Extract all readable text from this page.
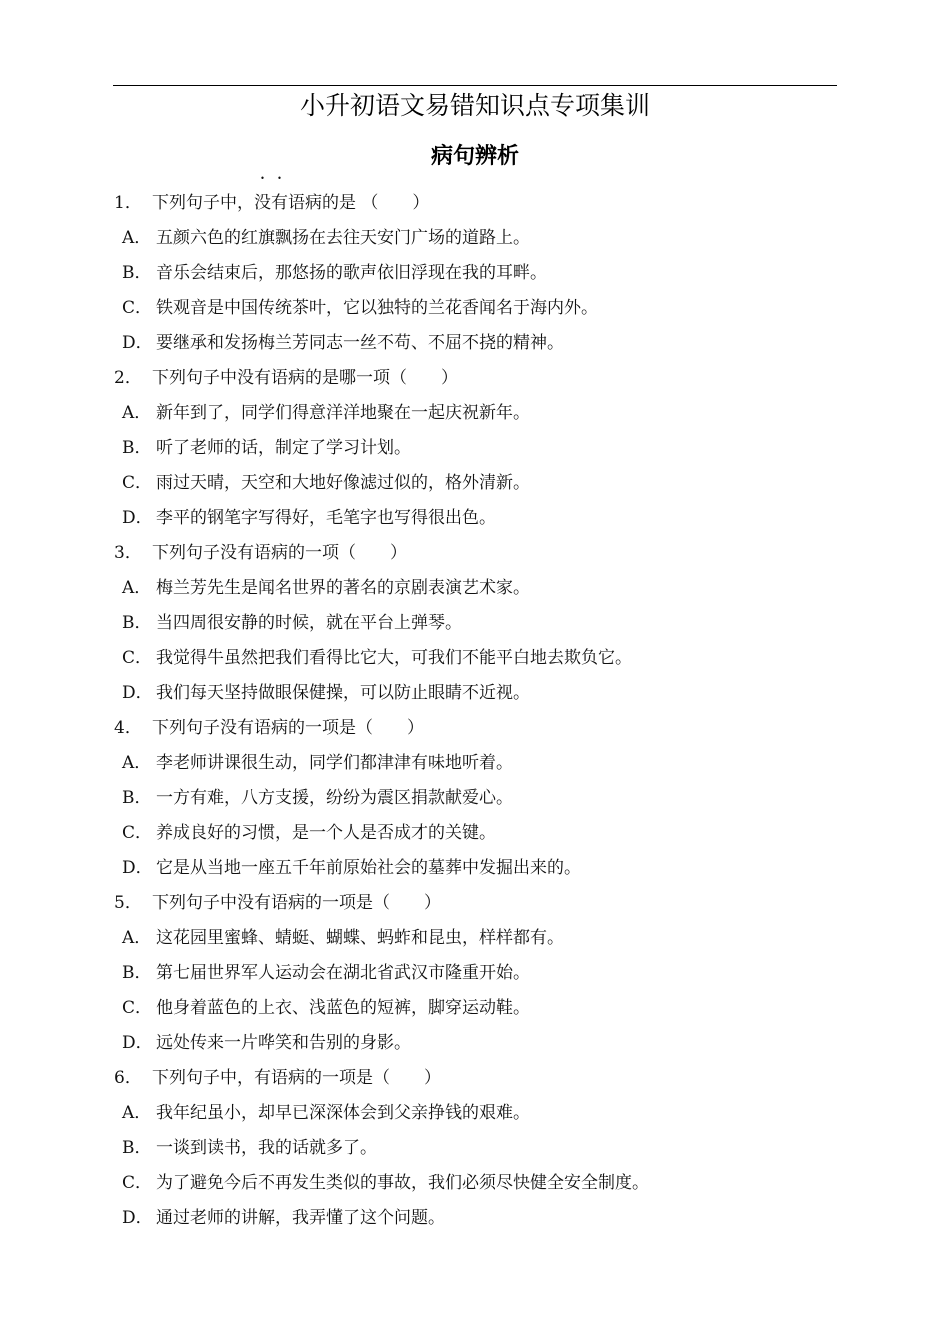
小升初语文易错知识点专项集训
病句辨析
1． 下列句子中，没有语病的是 （　　）
A． 五颜六色的红旗飘扬在去往天安门广场的道路上。
B． 音乐会结束后，那悠扬的歌声依旧浮现在我的耳畔。
C． 铁观音是中国传统茶叶，它以独特的兰花香闻名于海内外。
D． 要继承和发扬梅兰芳同志一丝不苟、不屈不挠的精神。
2． 下列句子中没有语病的是哪一项（　　）
A． 新年到了，同学们得意洋洋地聚在一起庆祝新年。
B． 听了老师的话，制定了学习计划。
C． 雨过天晴，天空和大地好像滤过似的，格外清新。
D． 李平的钢笔字写得好，毛笔字也写得很出色。
3． 下列句子没有语病的一项（　　）
A． 梅兰芳先生是闻名世界的著名的京剧表演艺术家。
B． 当四周很安静的时候，就在平台上弹琴。
C． 我觉得牛虽然把我们看得比它大，可我们不能平白地去欺负它。
D． 我们每天坚持做眼保健操，可以防止眼睛不近视。
4． 下列句子没有语病的一项是（　　）
A． 李老师讲课很生动，同学们都津津有味地听着。
B． 一方有难，八方支援，纷纷为震区捐款献爱心。
C． 养成良好的习惯，是一个人是否成才的关键。
D． 它是从当地一座五千年前原始社会的墓葬中发掘出来的。
5． 下列句子中没有语病的一项是（　　）
A． 这花园里蜜蜂、蜻蜓、蝴蝶、蚂蚱和昆虫，样样都有。
B． 第七届世界军人运动会在湖北省武汉市隆重开始。
C． 他身着蓝色的上衣、浅蓝色的短裤，脚穿运动鞋。
D． 远处传来一片哗笑和告别的身影。
6． 下列句子中，有语病的一项是（　　）
A． 我年纪虽小，却早已深深体会到父亲挣钱的艰难。
B． 一谈到读书，我的话就多了。
C． 为了避免今后不再发生类似的事故，我们必须尽快健全安全制度。
D． 通过老师的讲解，我弄懂了这个问题。
